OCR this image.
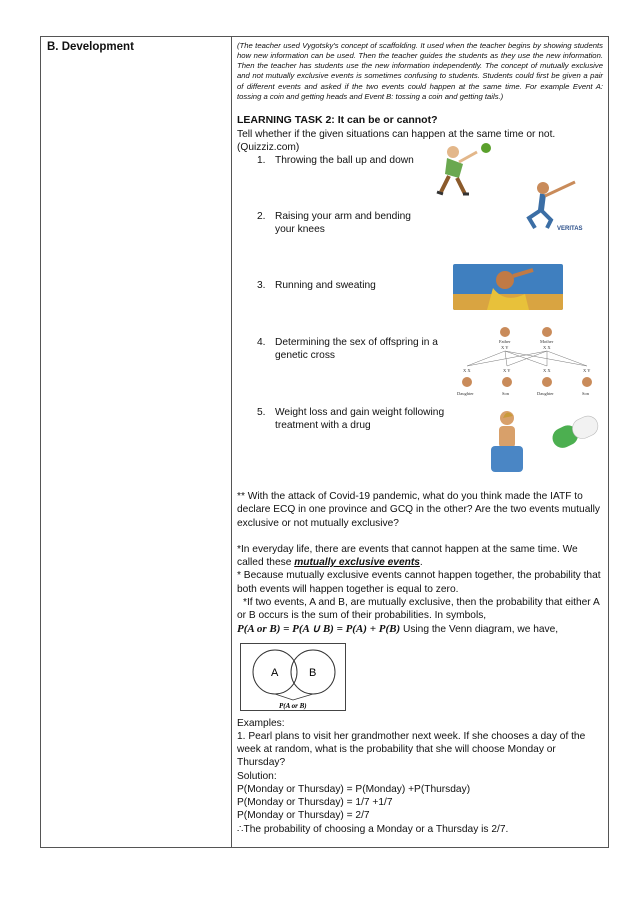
B. Development	(The teacher used Vygotsky's concept of scaffolding. It used when the teacher begins by showing students how new information can be used. Then the teacher guides the students as they use the new information. Then the teacher has students use the new information independently. The concept of mutually exclusive and not mutually exclusive events is sometimes confusing to students. Students could first be given a pair of different events and asked if the two events could happen at the same time. For example Event A: tossing a coin and getting heads and Event B: tossing a coin and getting tails.)

LEARNING TASK 2: It can be or cannot?

Tell whether if the given situations can happen at the same time or not. (Quizziz.com)

1. Throwing the ball up and down
2. Raising your arm and bending your knees
3. Running and sweating
4. Determining the sex of offspring in a genetic cross
5. Weight loss and gain weight following treatment with a drug
VERITAS
Father	Mother
X Y	X X
X X	X Y	X X	X Y
Daughter	Son	Daughter	Son

** With the attack of Covid-19 pandemic, what do you think made the IATF to declare ECQ in one province and GCQ in the other? Are the two events mutually exclusive or not mutually exclusive?

*In everyday life, there are events that cannot happen at the same time. We called these mutually exclusive events.

* Because mutually exclusive events cannot happen together, the probability that both events will happen together is equal to zero.

*If two events, A and B, are mutually exclusive, then the probability that either A or B occurs is the sum of their probabilities. In symbols,

P(A or B) = P(A ∪ B) = P(A) + P(B) Using the Venn diagram, we have,

A	B
P(A or B)

Examples:

1. Pearl plans to visit her grandmother next week. If she chooses a day of the week at random, what is the probability that she will choose Monday or Thursday?

Solution:

P(Monday or Thursday) = P(Monday) +P(Thursday)

P(Monday or Thursday) = 1/7 +1/7

P(Monday or Thursday) = 2/7

∴The probability of choosing a Monday or a Thursday is 2/7.
